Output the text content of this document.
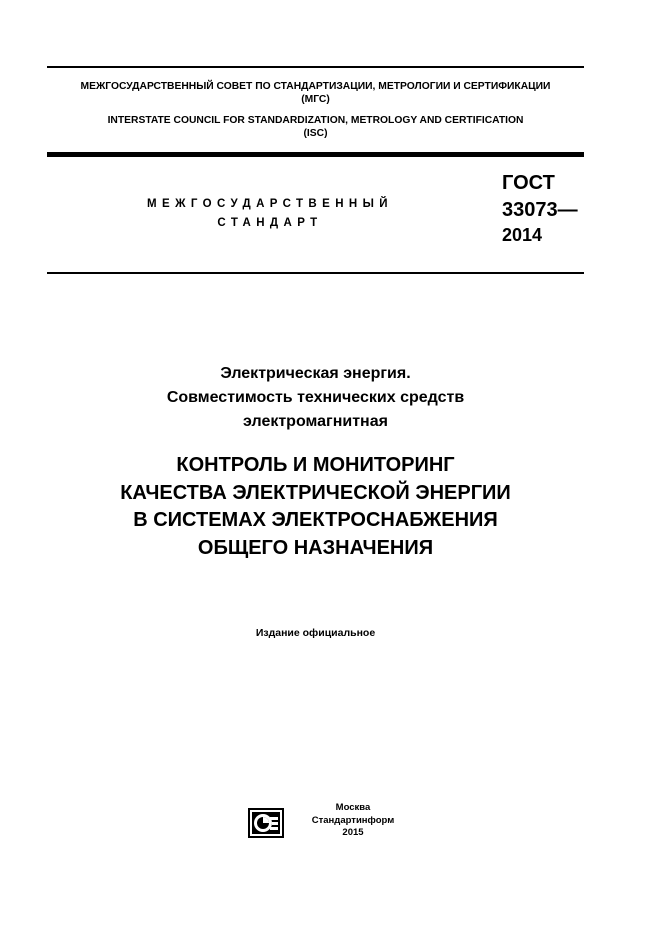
МЕЖГОСУДАРСТВЕННЫЙ СОВЕТ ПО СТАНДАРТИЗАЦИИ, МЕТРОЛОГИИ И СЕРТИФИКАЦИИ
(МГС)
INTERSTATE COUNCIL FOR STANDARDIZATION, METROLOGY AND CERTIFICATION
(ISC)
МЕЖГОСУДАРСТВЕННЫЙ
СТАНДАРТ
ГОСТ
33073—
2014
Электрическая энергия.
Совместимость технических средств
электромагнитная
КОНТРОЛЬ И МОНИТОРИНГ
КАЧЕСТВА ЭЛЕКТРИЧЕСКОЙ ЭНЕРГИИ
В СИСТЕМАХ ЭЛЕКТРОСНАБЖЕНИЯ
ОБЩЕГО НАЗНАЧЕНИЯ
Издание официальное
Москва
Стандартинформ
2015
